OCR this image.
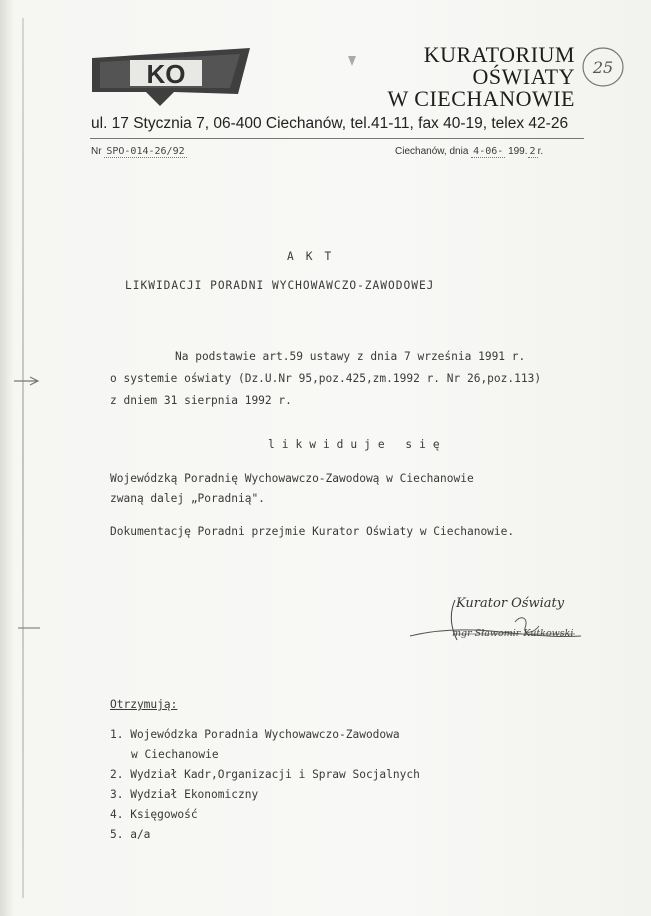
KO
KURATORIUM
OŚWIATY
W CIECHANOWIE
25
ul. 17 Stycznia 7, 06-400 Ciechanów, tel.41-11, fax 40-19, telex 42-26
Nr SPO-014-26/92	Ciechanów, dnia 4-06- 199. 2 r.
AKT
LIKWIDACJI PORADNI WYCHOWAWCZO-ZAWODOWEJ
Na podstawie art.59 ustawy z dnia 7 września 1991 r.
o systemie oświaty (Dz.U.Nr 95,poz.425,zm.1992 r. Nr 26,poz.113)
z dniem 31 sierpnia 1992 r.
likwiduje się
Wojewódzką Poradnię Wychowawczo-Zawodową w Ciechanowie
zwaną dalej „Poradnią".
Dokumentację Poradni przejmie Kurator Oświaty w Ciechanowie.
Kurator Oświaty
mgr Sławomir Kutkowski
Otrzymują:
1. Wojewódzka Poradnia Wychowawczo-Zawodowa
w Ciechanowie
2. Wydział Kadr,Organizacji i Spraw Socjalnych
3. Wydział Ekonomiczny
4. Księgowość
5. a/a
